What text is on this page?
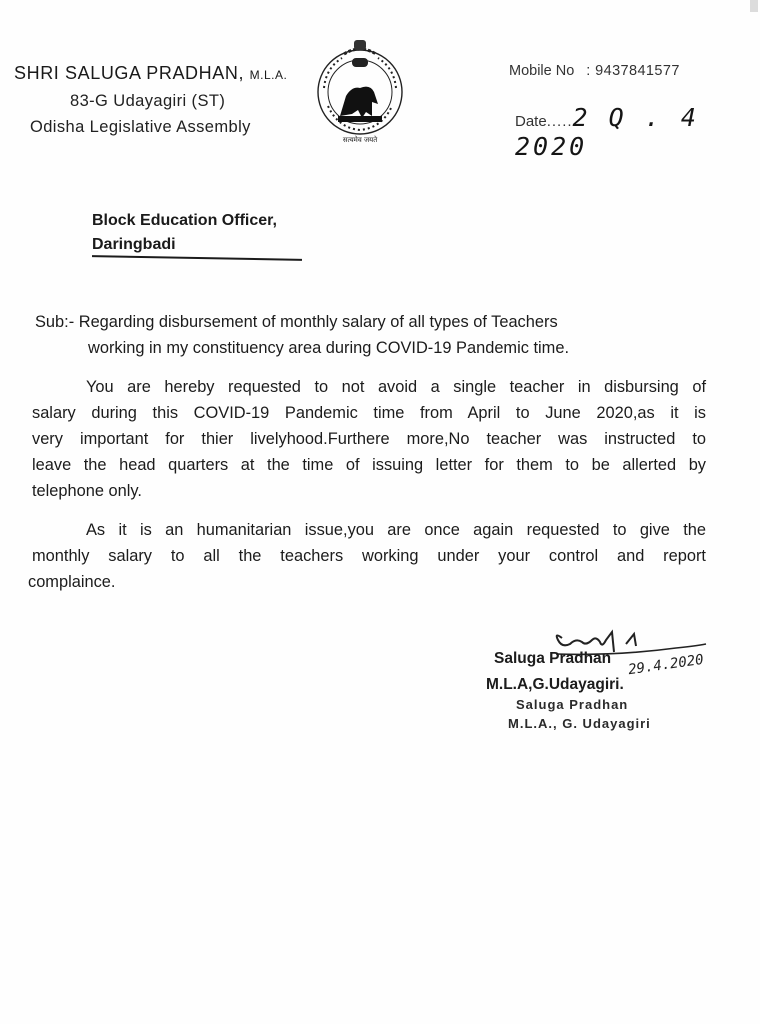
SHRI SALUGA PRADHAN, M.L.A.
83-G Udayagiri (ST)
Odisha Legislative Assembly
सत्यमेव जयते
Mobile No : 9437841577
Date.....2 Q . 4 2020
Block Education Officer,
Daringbadi
Sub:- Regarding disbursement of monthly salary of all types of Teachers
working in my constituency area during COVID-19 Pandemic time.
You are hereby requested to not avoid a single teacher in disbursing of
salary during this COVID-19 Pandemic time from April to June 2020,as it is
very important for thier livelyhood.Furthere more,No teacher was instructed to
leave the head quarters at the time of issuing letter for them to be allerted by
telephone only.
As it is an humanitarian issue,you are once again requested to give the
monthly salary to all the teachers working under your control and report
complaince.
Saluga Pradhan
M.L.A,G.Udayagiri.
29.4.2020
Saluga Pradhan
M.L.A., G. Udayagiri
